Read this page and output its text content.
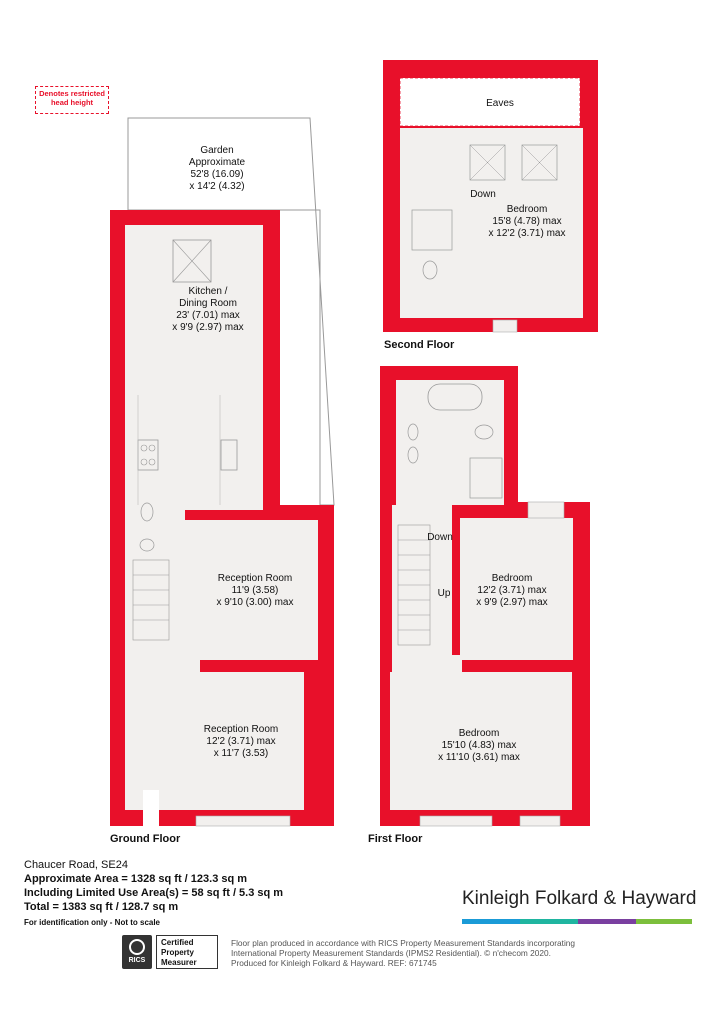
Denotes restricted head height
Garden
Approximate
52'8 (16.09)
x 14'2 (4.32)
Kitchen /
Dining Room
23' (7.01) max
x 9'9 (2.97) max
Reception Room
11'9 (3.58)
x 9'10 (3.00) max
Reception Room
12'2 (3.71) max
x 11'7 (3.53)
Eaves
Bedroom
15'8 (4.78) max
x 12'2 (3.71) max
Down
Bedroom
12'2 (3.71) max
x 9'9 (2.97) max
Down
Up
Bedroom
15'10 (4.83) max
x 11'10 (3.61) max
Ground Floor	First Floor
Second Floor
Chaucer Road, SE24
Approximate Area = 1328 sq ft / 123.3 sq m
Including Limited Use Area(s) = 58 sq ft / 5.3 sq m
Total = 1383 sq ft / 128.7 sq m
For identification only - Not to scale
Kinleigh Folkard & Hayward
RICS
Certified
Property
Measurer
Floor plan produced in accordance with RICS Property Measurement Standards incorporating
International Property Measurement Standards (IPMS2 Residential). © n'checom 2020.
Produced for Kinleigh Folkard & Hayward. REF: 671745
